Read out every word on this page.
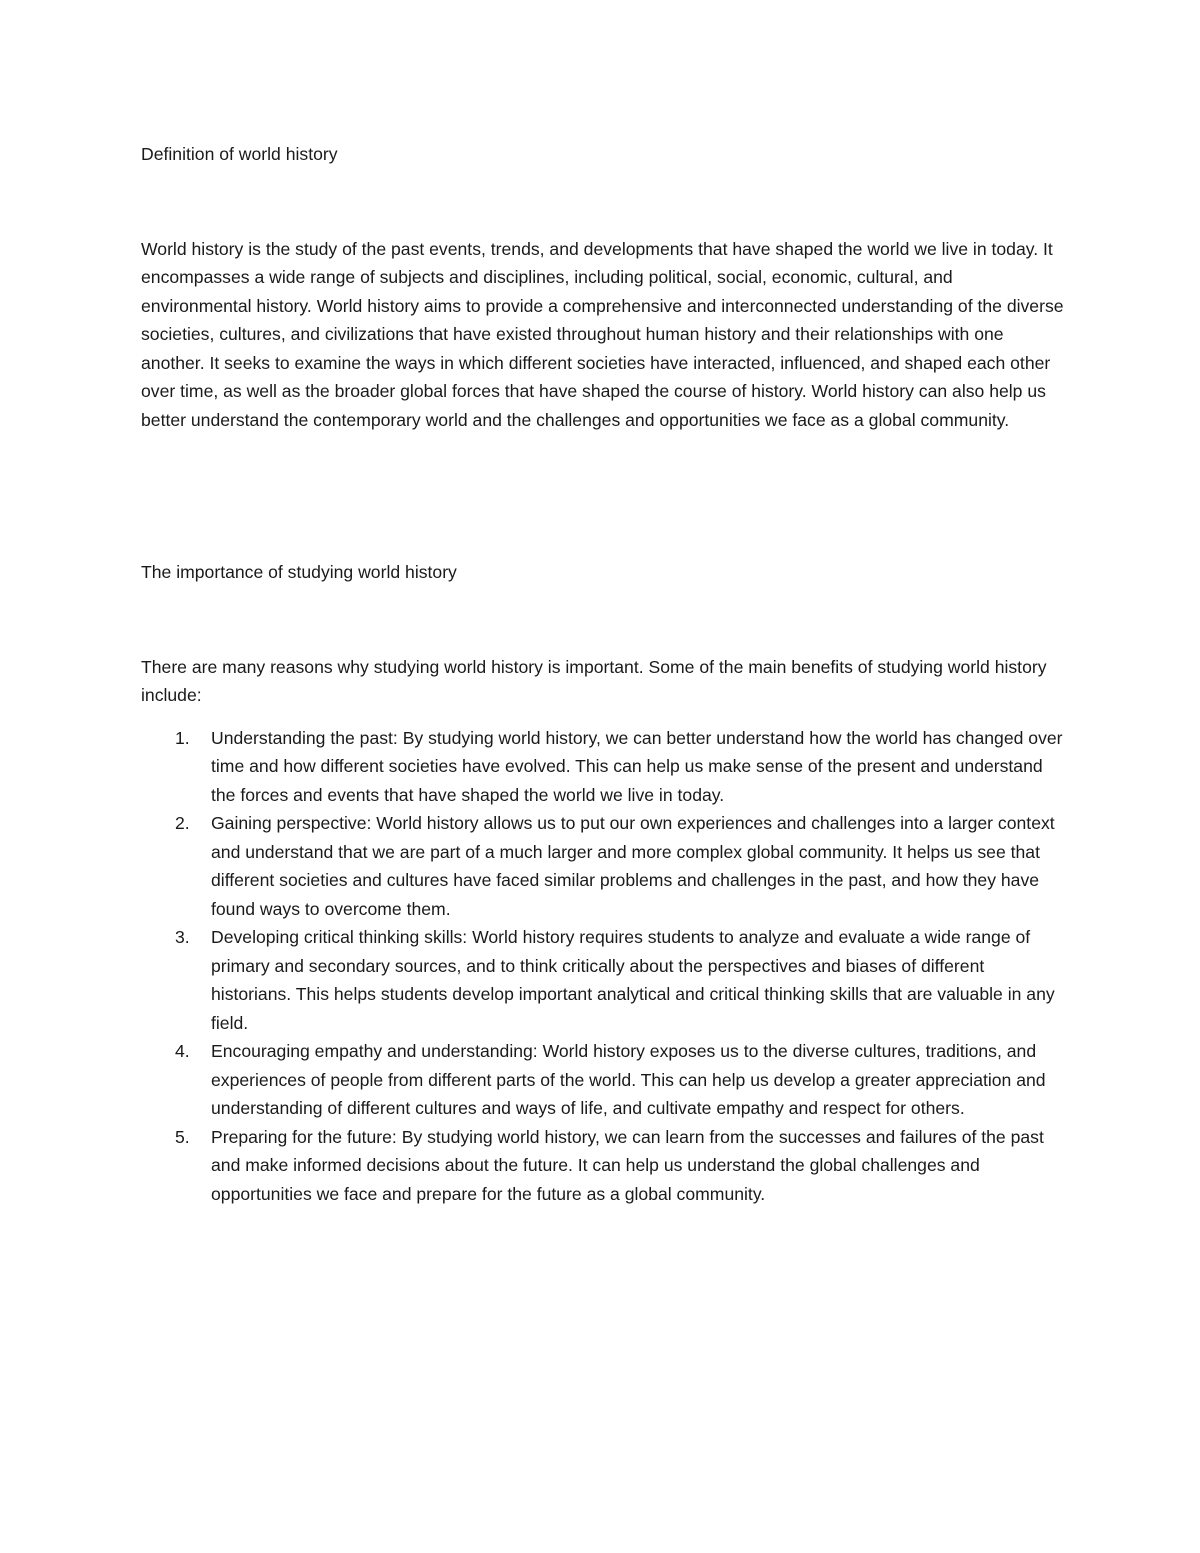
Definition of world history

World history is the study of the past events, trends, and developments that have shaped the world we live in today. It encompasses a wide range of subjects and disciplines, including political, social, economic, cultural, and environmental history. World history aims to provide a comprehensive and interconnected understanding of the diverse societies, cultures, and civilizations that have existed throughout human history and their relationships with one another. It seeks to examine the ways in which different societies have interacted, influenced, and shaped each other over time, as well as the broader global forces that have shaped the course of history. World history can also help us better understand the contemporary world and the challenges and opportunities we face as a global community.

The importance of studying world history

There are many reasons why studying world history is important. Some of the main benefits of studying world history include:

1. Understanding the past: By studying world history, we can better understand how the world has changed over time and how different societies have evolved. This can help us make sense of the present and understand the forces and events that have shaped the world we live in today.
2. Gaining perspective: World history allows us to put our own experiences and challenges into a larger context and understand that we are part of a much larger and more complex global community. It helps us see that different societies and cultures have faced similar problems and challenges in the past, and how they have found ways to overcome them.
3. Developing critical thinking skills: World history requires students to analyze and evaluate a wide range of primary and secondary sources, and to think critically about the perspectives and biases of different historians. This helps students develop important analytical and critical thinking skills that are valuable in any field.
4. Encouraging empathy and understanding: World history exposes us to the diverse cultures, traditions, and experiences of people from different parts of the world. This can help us develop a greater appreciation and understanding of different cultures and ways of life, and cultivate empathy and respect for others.
5. Preparing for the future: By studying world history, we can learn from the successes and failures of the past and make informed decisions about the future. It can help us understand the global challenges and opportunities we face and prepare for the future as a global community.
